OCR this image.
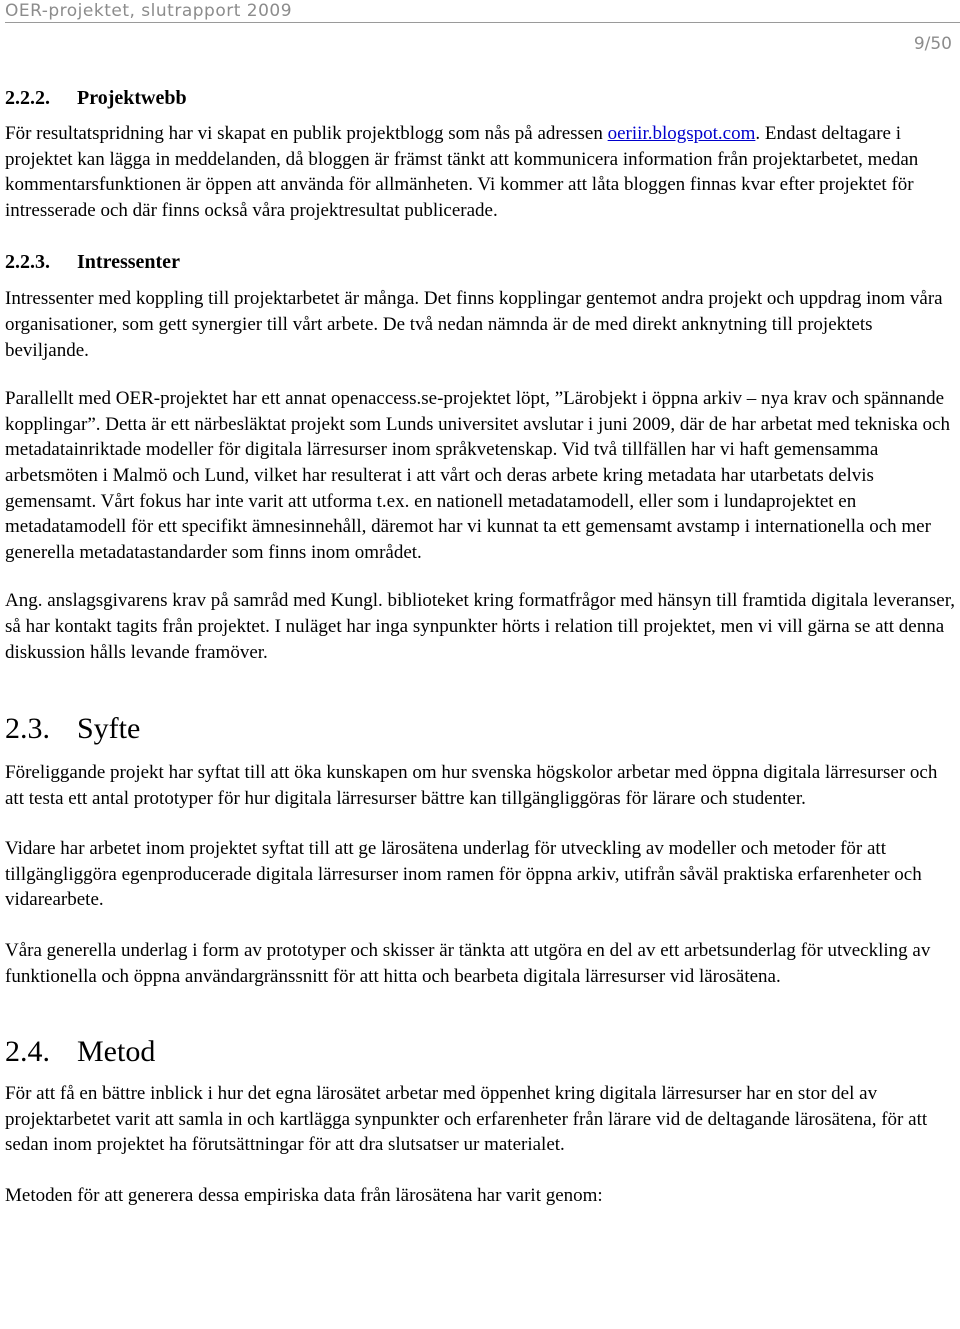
OER-projektet, slutrapport 2009
9/50
2.2.2. Projektwebb

För resultatspridning har vi skapat en publik projektblogg som nås på adressen oeriir.blogspot.com. Endast deltagare i projektet kan lägga in meddelanden, då bloggen är främst tänkt att kommunicera information från projektarbetet, medan kommentarsfunktionen är öppen att använda för allmänheten. Vi kommer att låta bloggen finnas kvar efter projektet för intresserade och där finns också våra projektresultat publicerade.

2.2.3. Intressenter

Intressenter med koppling till projektarbetet är många. Det finns kopplingar gentemot andra projekt och uppdrag inom våra organisationer, som gett synergier till vårt arbete. De två nedan nämnda är de med direkt anknytning till projektets beviljande.

Parallellt med OER-projektet har ett annat openaccess.se-projektet löpt, ”Lärobjekt i öppna arkiv – nya krav och spännande kopplingar”. Detta är ett närbesläktat projekt som Lunds universitet avslutar i juni 2009, där de har arbetat med tekniska och metadatainriktade modeller för digitala lärresurser inom språkvetenskap. Vid två tillfällen har vi haft gemensamma arbetsmöten i Malmö och Lund, vilket har resulterat i att vårt och deras arbete kring metadata har utarbetats delvis gemensamt. Vårt fokus har inte varit att utforma t.ex. en nationell metadatamodell, eller som i lundaprojektet en metadatamodell för ett specifikt ämnesinnehåll, däremot har vi kunnat ta ett gemensamt avstamp i internationella och mer generella metadatastandarder som finns inom området.

Ang. anslagsgivarens krav på samråd med Kungl. biblioteket kring formatfrågor med hänsyn till framtida digitala leveranser, så har kontakt tagits från projektet. I nuläget har inga synpunkter hörts i relation till projektet, men vi vill gärna se att denna diskussion hålls levande framöver.

2.3. Syfte

Föreliggande projekt har syftat till att öka kunskapen om hur svenska högskolor arbetar med öppna digitala lärresurser och att testa ett antal prototyper för hur digitala lärresurser bättre kan tillgängliggöras för lärare och studenter.

Vidare har arbetet inom projektet syftat till att ge lärosätena underlag för utveckling av modeller och metoder för att tillgängliggöra egenproducerade digitala lärresurser inom ramen för öppna arkiv, utifrån såväl praktiska erfarenheter och vidarearbete.

Våra generella underlag i form av prototyper och skisser är tänkta att utgöra en del av ett arbetsunderlag för utveckling av funktionella och öppna användargränssnitt för att hitta och bearbeta digitala lärresurser vid lärosätena.

2.4. Metod

För att få en bättre inblick i hur det egna lärosätet arbetar med öppenhet kring digitala lärresurser har en stor del av projektarbetet varit att samla in och kartlägga synpunkter och erfarenheter från lärare vid de deltagande lärosätena, för att sedan inom projektet ha förutsättningar för att dra slutsatser ur materialet.

Metoden för att generera dessa empiriska data från lärosätena har varit genom:
